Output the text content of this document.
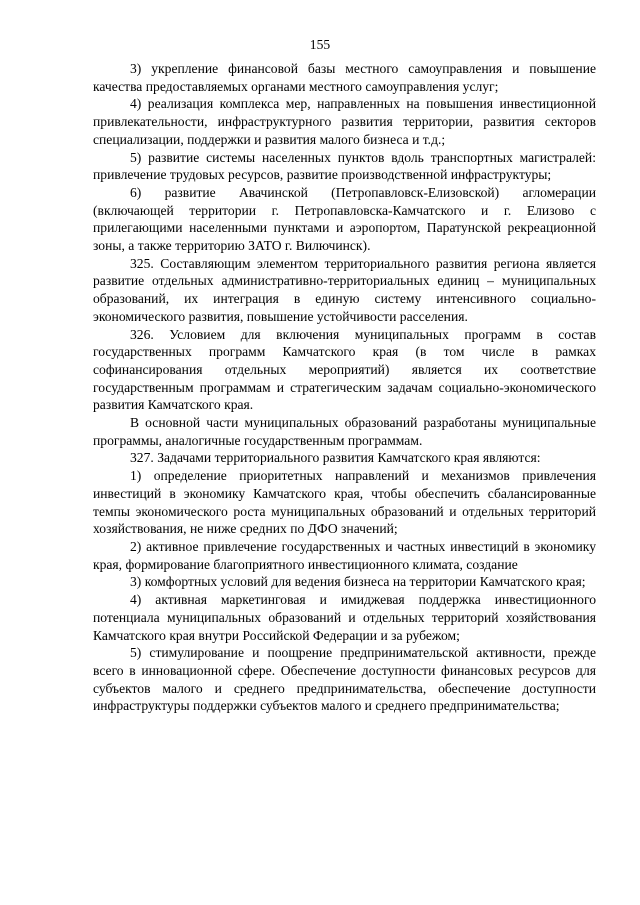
155

3) укрепление финансовой базы местного самоуправления и повышение качества предоставляемых органами местного самоуправления услуг;

4) реализация комплекса мер, направленных на повышения инвестиционной привлекательности, инфраструктурного развития территории, развития секторов специализации, поддержки и развития малого бизнеса и т.д.;

5) развитие системы населенных пунктов вдоль транспортных магистралей: привлечение трудовых ресурсов, развитие производственной инфраструктуры;

6) развитие Авачинской (Петропавловск-Елизовской) агломерации (включающей территории г. Петропавловска-Камчатского и г. Елизово с прилегающими населенными пунктами и аэропортом, Паратунской рекреационной зоны, а также территорию ЗАТО г. Вилючинск).

325. Составляющим элементом территориального развития региона является развитие отдельных административно-территориальных единиц – муниципальных образований, их интеграция в единую систему интенсивного социально-экономического развития, повышение устойчивости расселения.

326. Условием для включения муниципальных программ в состав государственных программ Камчатского края (в том числе в рамках софинансирования отдельных мероприятий) является их соответствие государственным программам и стратегическим задачам социально-экономического развития Камчатского края.

В основной части муниципальных образований разработаны муниципальные программы, аналогичные государственным программам.

327. Задачами территориального развития Камчатского края являются:

1) определение приоритетных направлений и механизмов привлечения инвестиций в экономику Камчатского края, чтобы обеспечить сбалансированные темпы экономического роста муниципальных образований и отдельных территорий хозяйствования, не ниже средних по ДФО значений;

2) активное привлечение государственных и частных инвестиций в экономику края, формирование благоприятного инвестиционного климата, создание

3) комфортных условий для ведения бизнеса на территории Камчатского края;

4) активная маркетинговая и имиджевая поддержка инвестиционного потенциала муниципальных образований и отдельных территорий хозяйствования Камчатского края внутри Российской Федерации и за рубежом;

5) стимулирование и поощрение предпринимательской активности, прежде всего в инновационной сфере. Обеспечение доступности финансовых ресурсов для субъектов малого и среднего предпринимательства, обеспечение доступности инфраструктуры поддержки субъектов малого и среднего предпринимательства;
